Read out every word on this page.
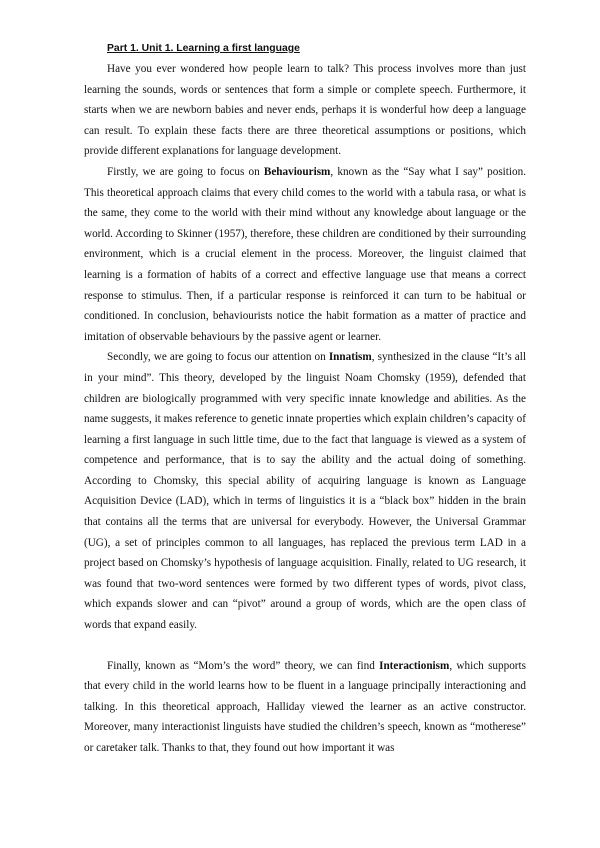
Part 1. Unit 1. Learning a first language

Have you ever wondered how people learn to talk? This process involves more than just learning the sounds, words or sentences that form a simple or complete speech. Furthermore, it starts when we are newborn babies and never ends, perhaps it is wonderful how deep a language can result. To explain these facts there are three theoretical assumptions or positions, which provide different explanations for language development.

Firstly, we are going to focus on Behaviourism, known as the “Say what I say” position. This theoretical approach claims that every child comes to the world with a tabula rasa, or what is the same, they come to the world with their mind without any knowledge about language or the world. According to Skinner (1957), therefore, these children are conditioned by their surrounding environment, which is a crucial element in the process. Moreover, the linguist claimed that learning is a formation of habits of a correct and effective language use that means a correct response to stimulus. Then, if a particular response is reinforced it can turn to be habitual or conditioned. In conclusion, behaviourists notice the habit formation as a matter of practice and imitation of observable behaviours by the passive agent or learner.

Secondly, we are going to focus our attention on Innatism, synthesized in the clause “It’s all in your mind”. This theory, developed by the linguist Noam Chomsky (1959), defended that children are biologically programmed with very specific innate knowledge and abilities. As the name suggests, it makes reference to genetic innate properties which explain children’s capacity of learning a first language in such little time, due to the fact that language is viewed as a system of competence and performance, that is to say the ability and the actual doing of something. According to Chomsky, this special ability of acquiring language is known as Language Acquisition Device (LAD), which in terms of linguistics it is a “black box” hidden in the brain that contains all the terms that are universal for everybody. However, the Universal Grammar (UG), a set of principles common to all languages, has replaced the previous term LAD in a project based on Chomsky’s hypothesis of language acquisition. Finally, related to UG research, it was found that two-word sentences were formed by two different types of words, pivot class, which expands slower and can “pivot” around a group of words, which are the open class of words that expand easily.

Finally, known as “Mom’s the word” theory, we can find Interactionism, which supports that every child in the world learns how to be fluent in a language principally interactioning and talking. In this theoretical approach, Halliday viewed the learner as an active constructor. Moreover, many interactionist linguists have studied the children’s speech, known as “motherese” or caretaker talk. Thanks to that, they found out how important it was
